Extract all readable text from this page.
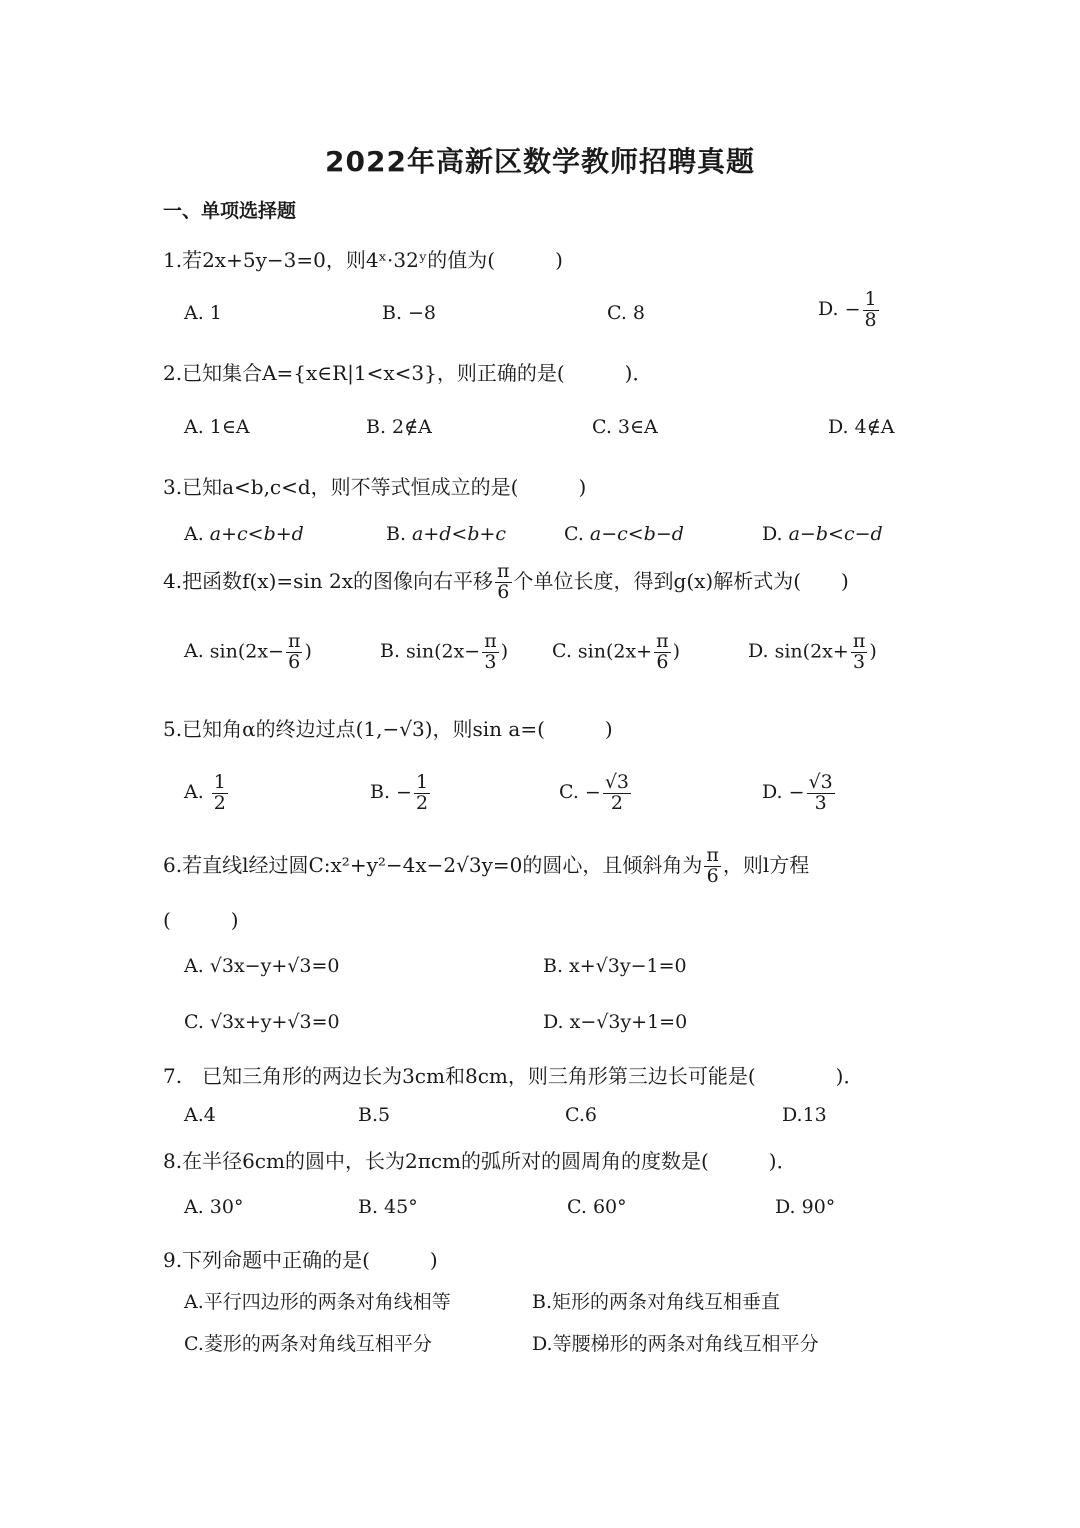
2022年高新区数学教师招聘真题
一、单项选择题
1.若2x+5y−3=0，则4ˣ·32ʸ的值为(　　　)
A. 1	B. −8	C. 8	D. − $\frac{1}{8}$
2.已知集合A={x∈R|1<x<3}，则正确的是(　　　)．
A. 1∈A	B. 2∉A	C. 3∈A	D. 4∉A
3.已知a<b,c<d，则不等式恒成立的是(　　　)
A. a+c<b+d	B. a+d<b+c	C. a−c<b−d	D. a−b<c−d
4.把函数f(x)=sin 2x的图像向右平移 $\frac{\pi}{6}$ 个单位长度，得到g(x)解析式为(　　)
A. $\sin(2x- \frac{\pi}{6}$ )	B. $\sin(2x- \frac{\pi}{3}$ ) C. $\sin(2x+ \frac{\pi}{6}$ )	D. $\sin(2x+ \frac{\pi}{3}$ )
5.已知角α的终边过点(1,−√3)，则sin a=(　　　)
A. $\frac{1}{2}$	B. − $\frac{1}{2}$	C. − $\frac{√3}{2}$	D. − $\frac{√3}{3}$
6.若直线l经过圆C:x²+y²−4x−2√3y=0的圆心，且倾斜角为 $\frac{\pi}{6}$ ，则l方程
(　　　)
A. √3x−y+√3=0	B. x+√3y−1=0
C. √3x+y+√3=0	D. x−√3y+1=0
7.　已知三角形的两边长为3cm和8cm，则三角形第三边长可能是(　　　　)．
A.4	B.5	C.6	D.13
8.在半径6cm的圆中，长为2πcm的弧所对的圆周角的度数是(　　　)．
A. 30°	B. 45°	C. 60°	D. 90°
9.下列命题中正确的是(　　　)
A.平行四边形的两条对角线相等	B.矩形的两条对角线互相垂直
C.菱形的两条对角线互相平分	D.等腰梯形的两条对角线互相平分
